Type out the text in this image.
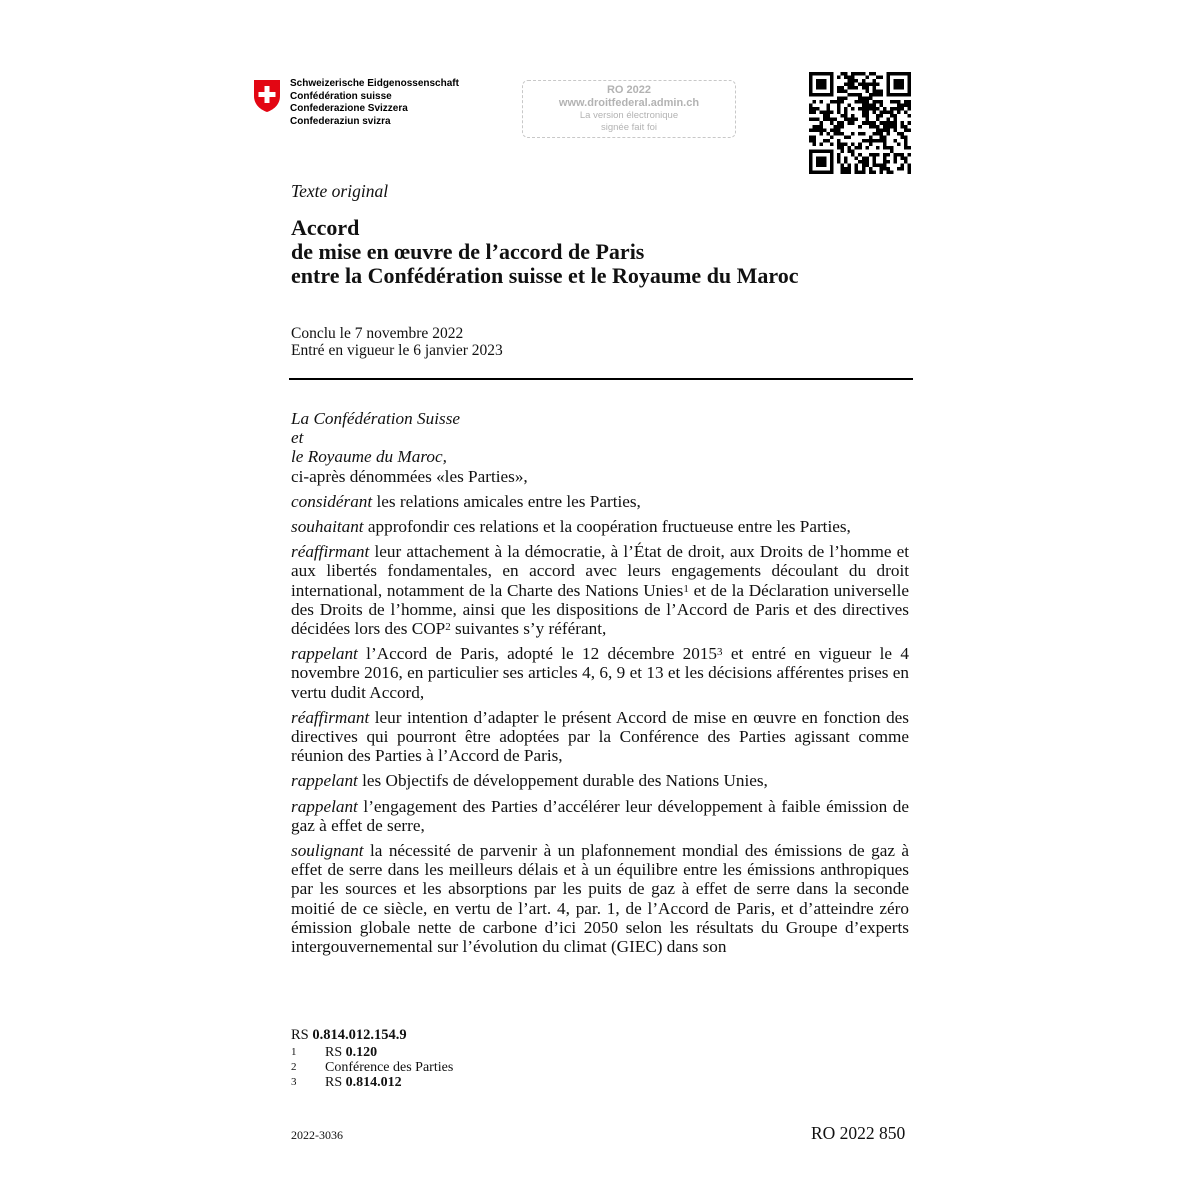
Schweizerische Eidgenossenschaft
Confédération suisse
Confederazione Svizzera
Confederaziun svizra
RO 2022
www.droitfederal.admin.ch
La version électronique
signée fait foi
Texte original
Accord
de mise en œuvre de l’accord de Paris
entre la Confédération suisse et le Royaume du Maroc
Conclu le 7 novembre 2022
Entré en vigueur le 6 janvier 2023
La Confédération Suisse
et
le Royaume du Maroc,
ci-après dénommées «les Parties»,

considérant les relations amicales entre les Parties,

souhaitant approfondir ces relations et la coopération fructueuse entre les Parties,

réaffirmant leur attachement à la démocratie, à l’État de droit, aux Droits de l’homme et aux libertés fondamentales, en accord avec leurs engagements découlant du droit international, notamment de la Charte des Nations Unies$^1$ et de la Déclaration universelle des Droits de l’homme, ainsi que les dispositions de l’Accord de Paris et des directives décidées lors des COP$^2$ suivantes s’y référant,

rappelant l’Accord de Paris, adopté le 12 décembre 2015$^3$ et entré en vigueur le 4 novembre 2016, en particulier ses articles 4, 6, 9 et 13 et les décisions afférentes prises en vertu dudit Accord,

réaffirmant leur intention d’adapter le présent Accord de mise en œuvre en fonction des directives qui pourront être adoptées par la Conférence des Parties agissant comme réunion des Parties à l’Accord de Paris,

rappelant les Objectifs de développement durable des Nations Unies,

rappelant l’engagement des Parties d’accélérer leur développement à faible émission de gaz à effet de serre,

soulignant la nécessité de parvenir à un plafonnement mondial des émissions de gaz à effet de serre dans les meilleurs délais et à un équilibre entre les émissions anthropiques par les sources et les absorptions par les puits de gaz à effet de serre dans la seconde moitié de ce siècle, en vertu de l’art. 4, par. 1, de l’Accord de Paris, et d’atteindre zéro émission globale nette de carbone d’ici 2050 selon les résultats du Groupe d’experts intergouvernemental sur l’évolution du climat (GIEC) dans son

RS 0.814.012.154.9
1	RS 0.120
2	Conférence des Parties
3	RS 0.814.012
2022-3036	RO 2022 850
